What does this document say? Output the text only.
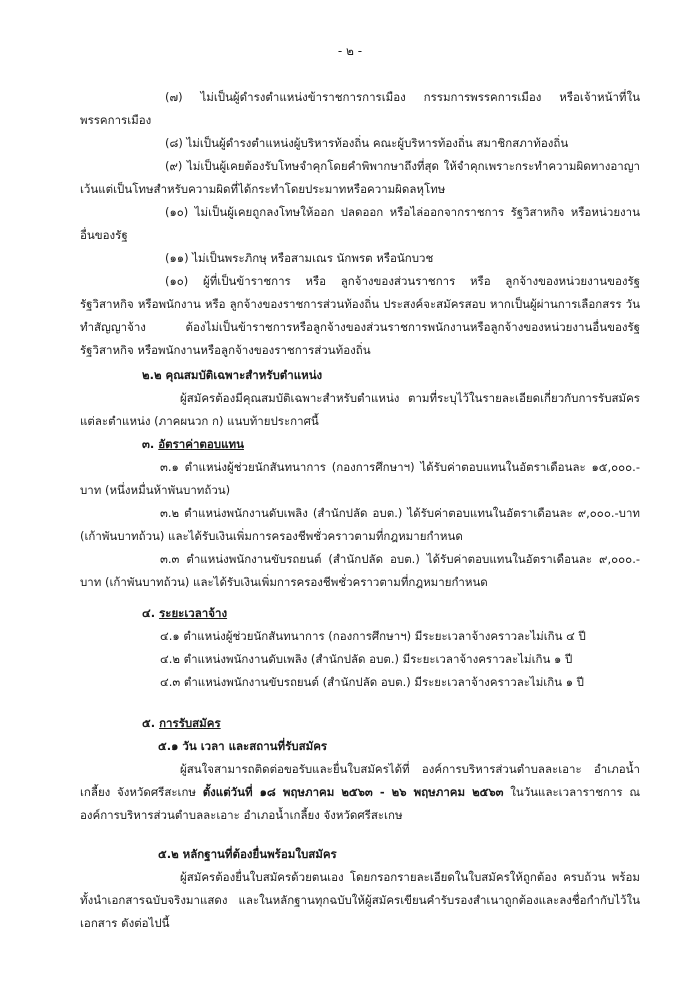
- ๒ -

(๗) ไม่เป็นผู้ดำรงตำแหน่งข้าราชการการเมือง กรรมการพรรคการเมือง หรือเจ้าหน้าที่ในพรรคการเมือง

(๘) ไม่เป็นผู้ดำรงตำแหน่งผู้บริหารท้องถิ่น คณะผู้บริหารท้องถิ่น สมาชิกสภาท้องถิ่น

(๙) ไม่เป็นผู้เคยต้องรับโทษจำคุกโดยคำพิพากษาถึงที่สุด ให้จำคุกเพราะกระทำความผิดทางอาญาเว้นแต่เป็นโทษสำหรับความผิดที่ได้กระทำโดยประมาทหรือความผิดลหุโทษ

(๑๐) ไม่เป็นผู้เคยถูกลงโทษให้ออก ปลดออก หรือไล่ออกจากราชการ รัฐวิสาหกิจ หรือหน่วยงานอื่นของรัฐ

(๑๑) ไม่เป็นพระภิกษุ หรือสามเณร นักพรต หรือนักบวช

(๑๐) ผู้ที่เป็นข้าราชการ หรือ ลูกจ้างของส่วนราชการ หรือ ลูกจ้างของหน่วยงานของรัฐ รัฐวิสาหกิจ หรือพนักงาน หรือ ลูกจ้างของราชการส่วนท้องถิ่น ประสงค์จะสมัครสอบ หากเป็นผู้ผ่านการเลือกสรร วันทำสัญญาจ้าง ต้องไม่เป็นข้าราชการหรือลูกจ้างของส่วนราชการพนักงานหรือลูกจ้างของหน่วยงานอื่นของรัฐ รัฐวิสาหกิจ หรือพนักงานหรือลูกจ้างของราชการส่วนท้องถิ่น

๒.๒ คุณสมบัติเฉพาะสำหรับตำแหน่ง

ผู้สมัครต้องมีคุณสมบัติเฉพาะสำหรับตำแหน่ง ตามที่ระบุไว้ในรายละเอียดเกี่ยวกับการรับสมัครแต่ละตำแหน่ง (ภาคผนวก ก) แนบท้ายประกาศนี้

๓. อัตราค่าตอบแทน

๓.๑ ตำแหน่งผู้ช่วยนักสันทนาการ (กองการศึกษาฯ) ได้รับค่าตอบแทนในอัตราเดือนละ ๑๕,๐๐๐.-บาท (หนึ่งหมื่นห้าพันบาทถ้วน)

๓.๒ ตำแหน่งพนักงานดับเพลิง (สำนักปลัด อบต.) ได้รับค่าตอบแทนในอัตราเดือนละ ๙,๐๐๐.-บาท (เก้าพันบาทถ้วน) และได้รับเงินเพิ่มการครองชีพชั่วคราวตามที่กฎหมายกำหนด

๓.๓ ตำแหน่งพนักงานขับรถยนต์ (สำนักปลัด อบต.) ได้รับค่าตอบแทนในอัตราเดือนละ ๙,๐๐๐.-บาท (เก้าพันบาทถ้วน) และได้รับเงินเพิ่มการครองชีพชั่วคราวตามที่กฎหมายกำหนด

๔. ระยะเวลาจ้าง

๔.๑ ตำแหน่งผู้ช่วยนักสันทนาการ (กองการศึกษาฯ) มีระยะเวลาจ้างคราวละไม่เกิน ๔ ปี

๔.๒ ตำแหน่งพนักงานดับเพลิง (สำนักปลัด อบต.) มีระยะเวลาจ้างคราวละไม่เกิน ๑ ปี

๔.๓ ตำแหน่งพนักงานขับรถยนต์ (สำนักปลัด อบต.) มีระยะเวลาจ้างคราวละไม่เกิน ๑ ปี

๕. การรับสมัคร
๕.๑ วัน เวลา และสถานที่รับสมัคร

ผู้สนใจสามารถติดต่อขอรับและยื่นใบสมัครได้ที่ องค์การบริหารส่วนตำบลละเอาะ อำเภอน้ำเกลี้ยง จังหวัดศรีสะเกษ ตั้งแต่วันที่ ๑๘ พฤษภาคม ๒๕๖๓ - ๒๖ พฤษภาคม ๒๕๖๓ ในวันและเวลาราชการ ณ องค์การบริหารส่วนตำบลละเอาะ อำเภอน้ำเกลี้ยง จังหวัดศรีสะเกษ

๕.๒ หลักฐานที่ต้องยื่นพร้อมใบสมัคร

ผู้สมัครต้องยื่นใบสมัครด้วยตนเอง โดยกรอกรายละเอียดในใบสมัครให้ถูกต้อง ครบถ้วน พร้อมทั้งนำเอกสารฉบับจริงมาแสดง และในหลักฐานทุกฉบับให้ผู้สมัครเขียนคำรับรองสำเนาถูกต้องและลงชื่อกำกับไว้ในเอกสาร ดังต่อไปนี้
